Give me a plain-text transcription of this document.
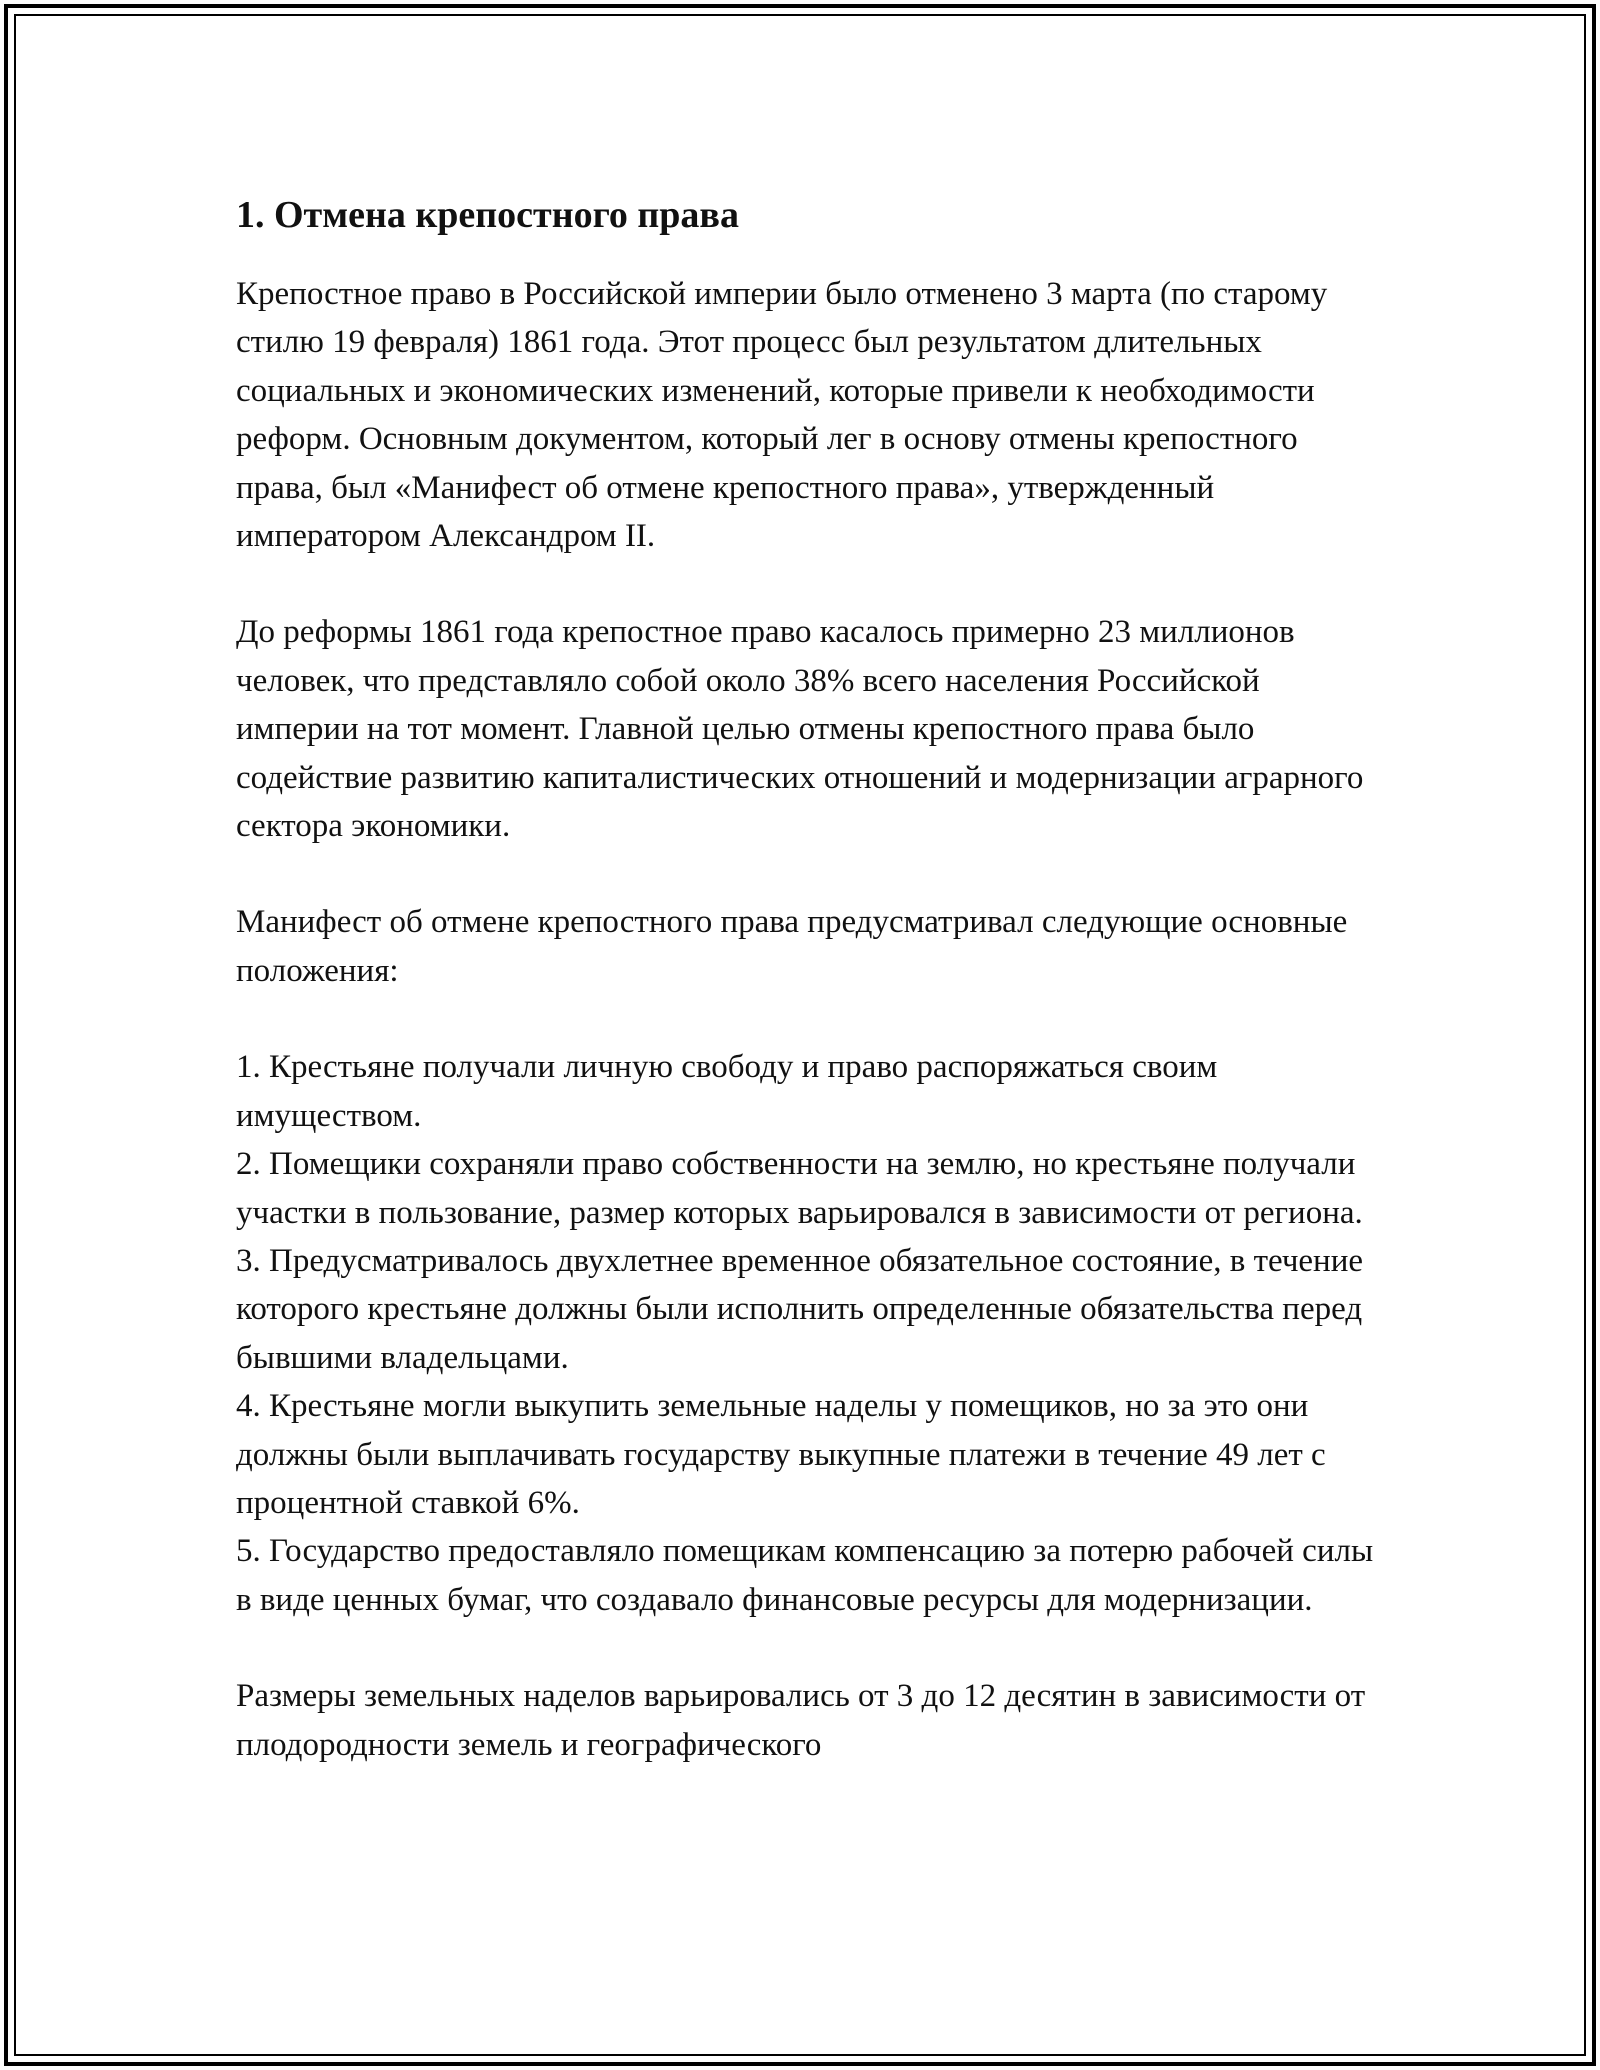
1. Отмена крепостного права

Крепостное право в Российской империи было отменено 3 марта (по старому стилю 19 февраля) 1861 года. Этот процесс был результатом длительных социальных и экономических изменений, которые привели к необходимости реформ. Основным документом, который лег в основу отмены крепостного права, был «Манифест об отмене крепостного права», утвержденный императором Александром II.

До реформы 1861 года крепостное право касалось примерно 23 миллионов человек, что представляло собой около 38% всего населения Российской империи на тот момент. Главной целью отмены крепостного права было содействие развитию капиталистических отношений и модернизации аграрного сектора экономики.

Манифест об отмене крепостного права предусматривал следующие основные положения:

1. Крестьяне получали личную свободу и право распоряжаться своим имуществом.
2. Помещики сохраняли право собственности на землю, но крестьяне получали участки в пользование, размер которых варьировался в зависимости от региона.
3. Предусматривалось двухлетнее временное обязательное состояние, в течение которого крестьяне должны были исполнить определенные обязательства перед бывшими владельцами.
4. Крестьяне могли выкупить земельные наделы у помещиков, но за это они должны были выплачивать государству выкупные платежи в течение 49 лет с процентной ставкой 6%.
5. Государство предоставляло помещикам компенсацию за потерю рабочей силы в виде ценных бумаг, что создавало финансовые ресурсы для модернизации.

Размеры земельных наделов варьировались от 3 до 12 десятин в зависимости от плодородности земель и географического
